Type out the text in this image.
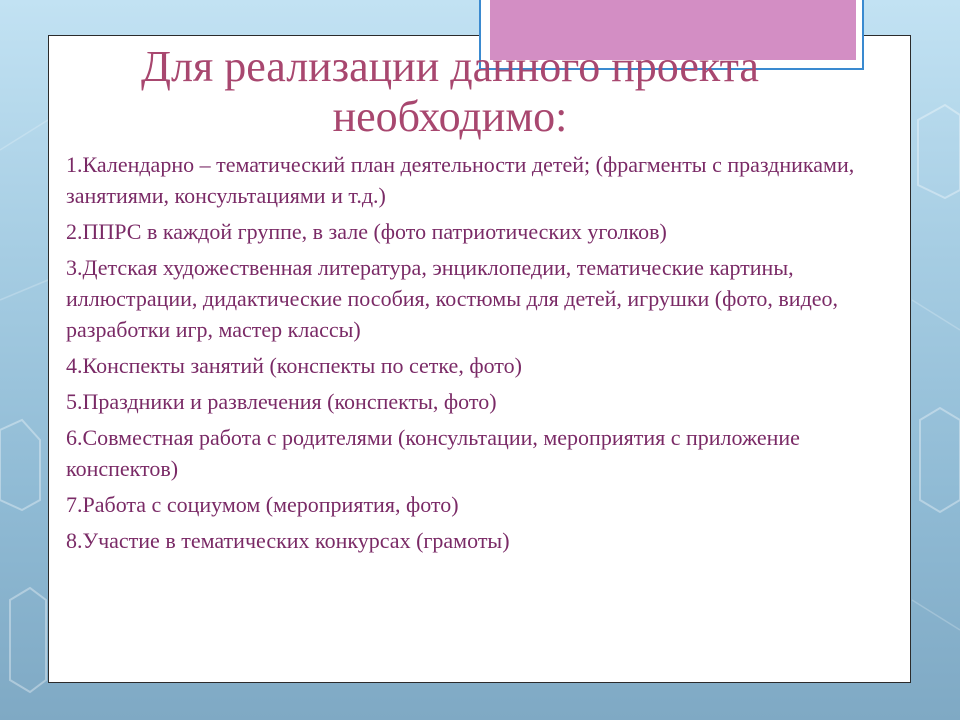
Для реализации данного проекта необходимо:
1.Календарно – тематический план деятельности детей; (фрагменты с праздниками, занятиями, консультациями и т.д.)
2.ППРС в каждой группе, в зале (фото патриотических уголков)
3.Детская художественная литература, энциклопедии, тематические картины, иллюстрации, дидактические пособия, костюмы для детей, игрушки (фото, видео, разработки игр, мастер классы)
4.Конспекты занятий (конспекты по сетке, фото)
5.Праздники и развлечения (конспекты, фото)
6.Совместная работа с родителями (консультации, мероприятия с приложение конспектов)
7.Работа с социумом (мероприятия, фото)
8.Участие в тематических конкурсах (грамоты)
